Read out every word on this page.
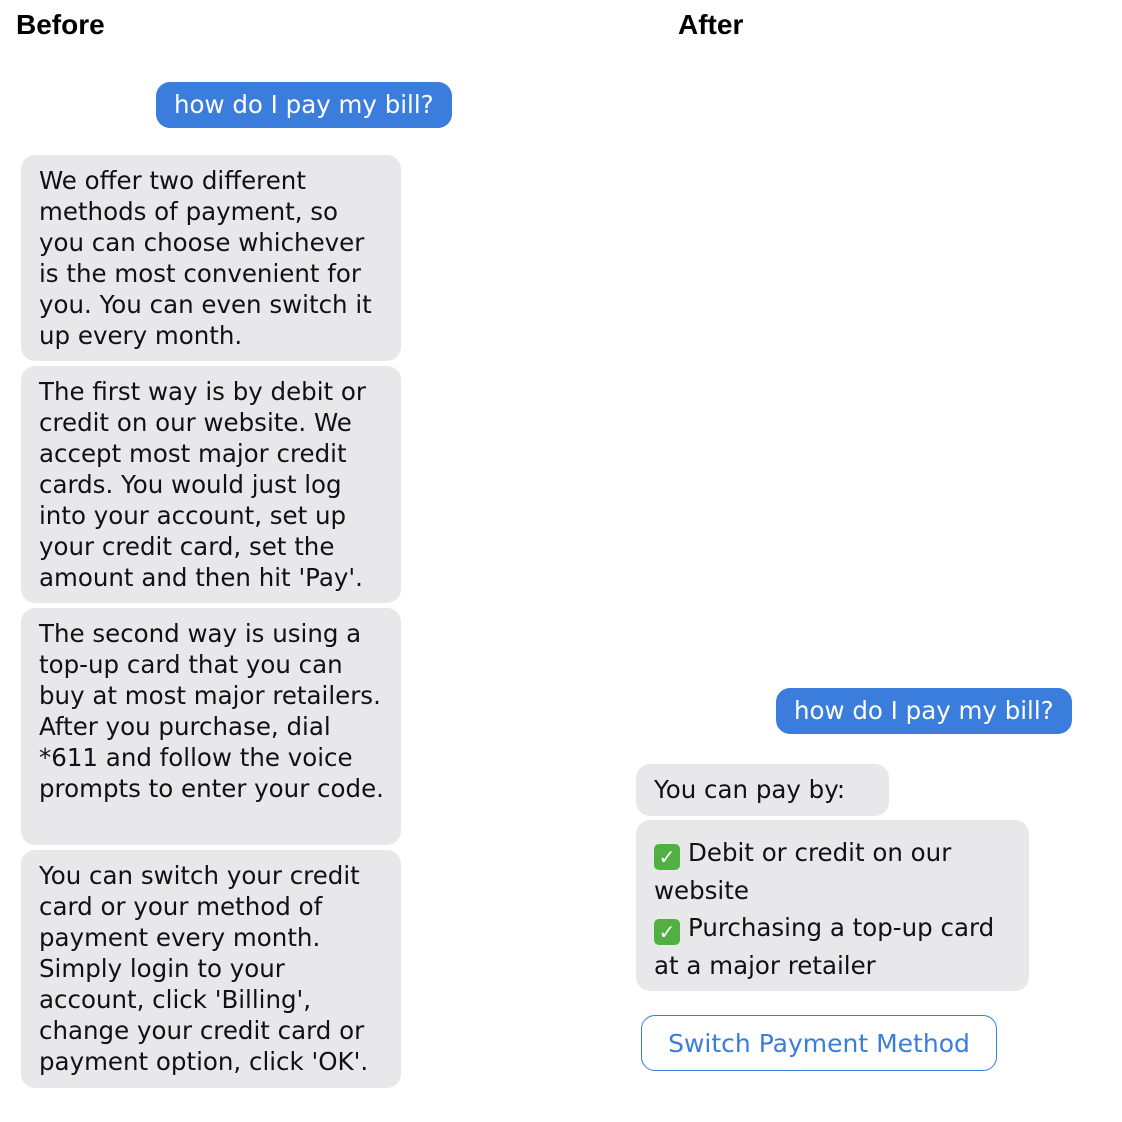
Before
how do I pay my bill?
We offer two different methods of payment, so you can choose whichever is the most convenient for you. You can even switch it up every month.
The first way is by debit or credit on our website. We accept most major credit cards. You would just log into your account, set up your credit card, set the amount and then hit 'Pay'.
The second way is using a top-up card that you can buy at most major retailers. After you purchase, dial *611 and follow the voice prompts to enter your code.
You can switch your credit card or your method of payment every month. Simply login to your account, click 'Billing', change your credit card or payment option, click 'OK'.
After
how do I pay my bill?
You can pay by:
✓ Debit or credit on our website
✓ Purchasing a top-up card at a major retailer
Switch Payment Method
